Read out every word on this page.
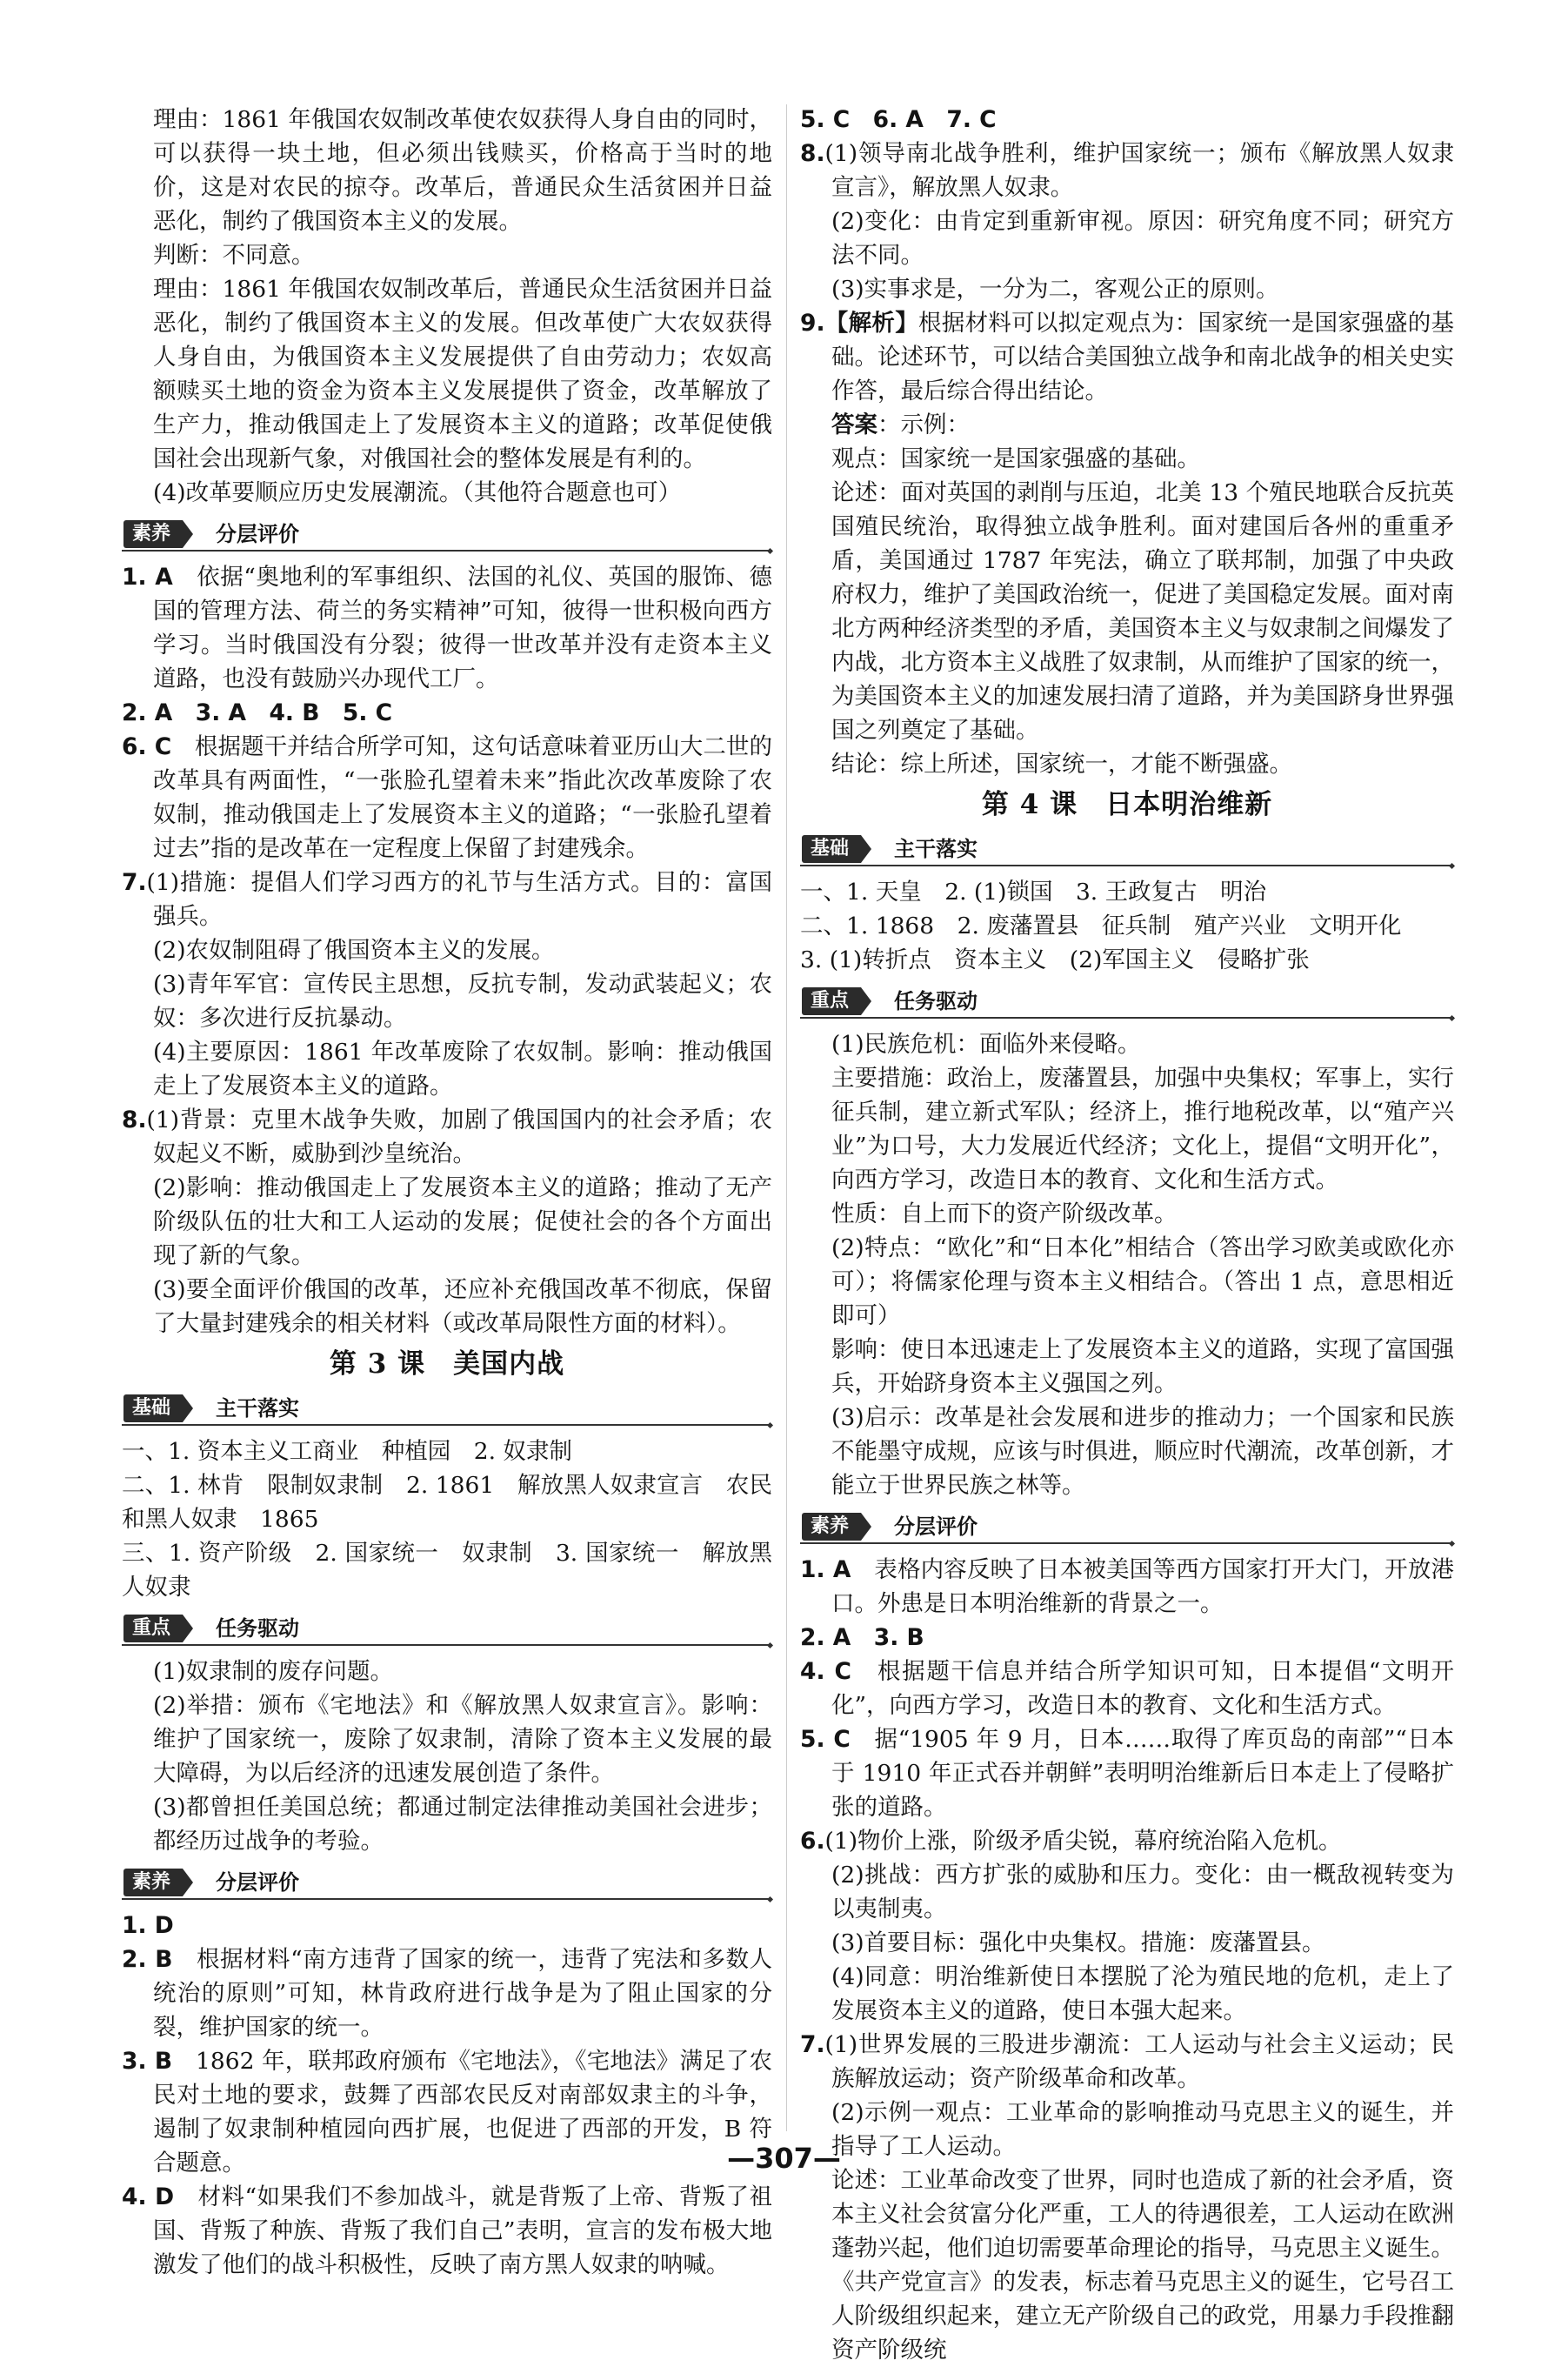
理由：1861 年俄国农奴制改革使农奴获得人身自由的同时，可以获得一块土地，但必须出钱赎买，价格高于当时的地价，这是对农民的掠夺。改革后，普通民众生活贫困并日益恶化，制约了俄国资本主义的发展。

判断：不同意。

理由：1861 年俄国农奴制改革后，普通民众生活贫困并日益恶化，制约了俄国资本主义的发展。但改革使广大农奴获得人身自由，为俄国资本主义发展提供了自由劳动力；农奴高额赎买土地的资金为资本主义发展提供了资金，改革解放了生产力，推动俄国走上了发展资本主义的道路；改革促使俄国社会出现新气象，对俄国社会的整体发展是有利的。

(4)改革要顺应历史发展潮流。（其他符合题意也可）

素养	分层评价

1. A　 依据“奥地利的军事组织、法国的礼仪、英国的服饰、德国的管理方法、荷兰的务实精神”可知，彼得一世积极向西方学习。当时俄国没有分裂；彼得一世改革并没有走资本主义道路，也没有鼓励兴办现代工厂。

2. A　 3. A　4. B　5. C

6. C　 根据题干并结合所学可知，这句话意味着亚历山大二世的改革具有两面性，“一张脸孔望着未来”指此次改革废除了农奴制，推动俄国走上了发展资本主义的道路；“一张脸孔望着过去”指的是改革在一定程度上保留了封建残余。

7.(1)措施：提倡人们学习西方的礼节与生活方式。目的：富国强兵。

(2)农奴制阻碍了俄国资本主义的发展。

(3)青年军官：宣传民主思想，反抗专制，发动武装起义；农奴：多次进行反抗暴动。

(4)主要原因：1861 年改革废除了农奴制。影响：推动俄国走上了发展资本主义的道路。

8.(1)背景：克里木战争失败，加剧了俄国国内的社会矛盾；农奴起义不断，威胁到沙皇统治。

(2)影响：推动俄国走上了发展资本主义的道路；推动了无产阶级队伍的壮大和工人运动的发展；促使社会的各个方面出现了新的气象。

(3)要全面评价俄国的改革，还应补充俄国改革不彻底，保留了大量封建残余的相关材料（或改革局限性方面的材料）。

第 3 课　美国内战
基础	主干落实

一、1. 资本主义工商业　种植园　2. 奴隶制

二、1. 林肯　限制奴隶制　2. 1861　解放黑人奴隶宣言　农民和黑人奴隶　1865

三、1. 资产阶级　2. 国家统一　奴隶制　3. 国家统一　解放黑人奴隶

重点	任务驱动

(1)奴隶制的废存问题。

(2)举措：颁布《宅地法》和《解放黑人奴隶宣言》。影响：维护了国家统一，废除了奴隶制，清除了资本主义发展的最大障碍，为以后经济的迅速发展创造了条件。

(3)都曾担任美国总统；都通过制定法律推动美国社会进步；都经历过战争的考验。

素养	分层评价

1. D

2. B　 根据材料“南方违背了国家的统一，违背了宪法和多数人统治的原则”可知，林肯政府进行战争是为了阻止国家的分裂，维护国家的统一。

3. B　 1862 年，联邦政府颁布《宅地法》，《宅地法》满足了农民对土地的要求，鼓舞了西部农民反对南部奴隶主的斗争，遏制了奴隶制种植园向西扩展，也促进了西部的开发，B 符合题意。

4. D　 材料“如果我们不参加战斗，就是背叛了上帝、背叛了祖国、背叛了种族、背叛了我们自己”表明，宣言的发布极大地激发了他们的战斗积极性，反映了南方黑人奴隶的呐喊。

5. C　6. A　7. C

8.(1)领导南北战争胜利，维护国家统一；颁布《解放黑人奴隶宣言》，解放黑人奴隶。

(2)变化：由肯定到重新审视。原因：研究角度不同；研究方法不同。

(3)实事求是，一分为二，客观公正的原则。

9.【解析】根据材料可以拟定观点为：国家统一是国家强盛的基础。论述环节，可以结合美国独立战争和南北战争的相关史实作答，最后综合得出结论。

答案：示例：

观点：国家统一是国家强盛的基础。

论述：面对英国的剥削与压迫，北美 13 个殖民地联合反抗英国殖民统治，取得独立战争胜利。面对建国后各州的重重矛盾，美国通过 1787 年宪法，确立了联邦制，加强了中央政府权力，维护了美国政治统一，促进了美国稳定发展。面对南北方两种经济类型的矛盾，美国资本主义与奴隶制之间爆发了内战，北方资本主义战胜了奴隶制，从而维护了国家的统一，为美国资本主义的加速发展扫清了道路，并为美国跻身世界强国之列奠定了基础。

结论：综上所述，国家统一，才能不断强盛。

第 4 课　日本明治维新
基础	主干落实

一、1. 天皇　2. (1)锁国　3. 王政复古　明治

二、1. 1868　2. 废藩置县　征兵制　殖产兴业　文明开化

3. (1)转折点　资本主义　(2)军国主义　侵略扩张

重点	任务驱动

(1)民族危机：面临外来侵略。

主要措施：政治上，废藩置县，加强中央集权；军事上，实行征兵制，建立新式军队；经济上，推行地税改革，以“殖产兴业”为口号，大力发展近代经济；文化上，提倡“文明开化”，向西方学习，改造日本的教育、文化和生活方式。

性质：自上而下的资产阶级改革。

(2)特点：“欧化”和“日本化”相结合（答出学习欧美或欧化亦可）；将儒家伦理与资本主义相结合。（答出 1 点，意思相近即可）

影响：使日本迅速走上了发展资本主义的道路，实现了富国强兵，开始跻身资本主义强国之列。

(3)启示：改革是社会发展和进步的推动力；一个国家和民族不能墨守成规，应该与时俱进，顺应时代潮流，改革创新，才能立于世界民族之林等。

素养	分层评价

1. A　 表格内容反映了日本被美国等西方国家打开大门，开放港口。外患是日本明治维新的背景之一。

2. A　 3. B

4. C　 根据题干信息并结合所学知识可知，日本提倡“文明开化”，向西方学习，改造日本的教育、文化和生活方式。

5. C　 据“1905 年 9 月，日本……取得了库页岛的南部”“日本于 1910 年正式吞并朝鲜”表明明治维新后日本走上了侵略扩张的道路。

6.(1)物价上涨，阶级矛盾尖锐，幕府统治陷入危机。

(2)挑战：西方扩张的威胁和压力。变化：由一概敌视转变为以夷制夷。

(3)首要目标：强化中央集权。措施：废藩置县。

(4)同意：明治维新使日本摆脱了沦为殖民地的危机，走上了发展资本主义的道路，使日本强大起来。

7.(1)世界发展的三股进步潮流：工人运动与社会主义运动；民族解放运动；资产阶级革命和改革。

(2)示例一观点：工业革命的影响推动马克思主义的诞生，并指导了工人运动。

论述：工业革命改变了世界，同时也造成了新的社会矛盾，资本主义社会贫富分化严重，工人的待遇很差，工人运动在欧洲蓬勃兴起，他们迫切需要革命理论的指导，马克思主义诞生。《共产党宣言》的发表，标志着马克思主义的诞生，它号召工人阶级组织起来，建立无产阶级自己的政党，用暴力手段推翻资产阶级统

—307—
